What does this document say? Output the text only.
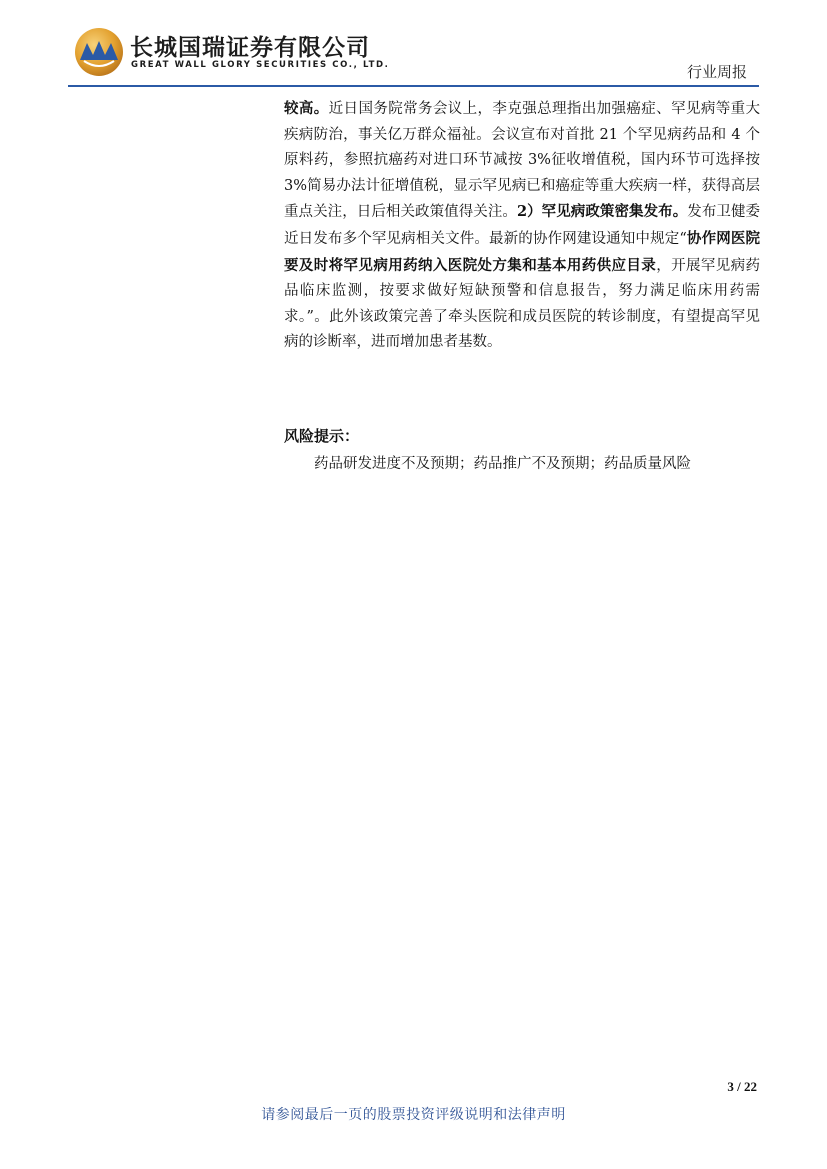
长城国瑞证券有限公司
GREAT WALL GLORY SECURITIES CO., LTD.	行业周报

较高。近日国务院常务会议上，李克强总理指出加强癌症、罕见病等重大疾病防治，事关亿万群众福祉。会议宣布对首批 21 个罕见病药品和 4 个原料药，参照抗癌药对进口环节减按 3%征收增值税，国内环节可选择按 3%简易办法计征增值税，显示罕见病已和癌症等重大疾病一样，获得高层重点关注，日后相关政策值得关注。2）罕见病政策密集发布。发布卫健委近日发布多个罕见病相关文件。最新的协作网建设通知中规定“协作网医院要及时将罕见病用药纳入医院处方集和基本用药供应目录，开展罕见病药品临床监测，按要求做好短缺预警和信息报告，努力满足临床用药需求。”。此外该政策完善了牵头医院和成员医院的转诊制度，有望提高罕见病的诊断率，进而增加患者基数。

风险提示：
药品研发进度不及预期；药品推广不及预期；药品质量风险
3 / 22
请参阅最后一页的股票投资评级说明和法律声明
